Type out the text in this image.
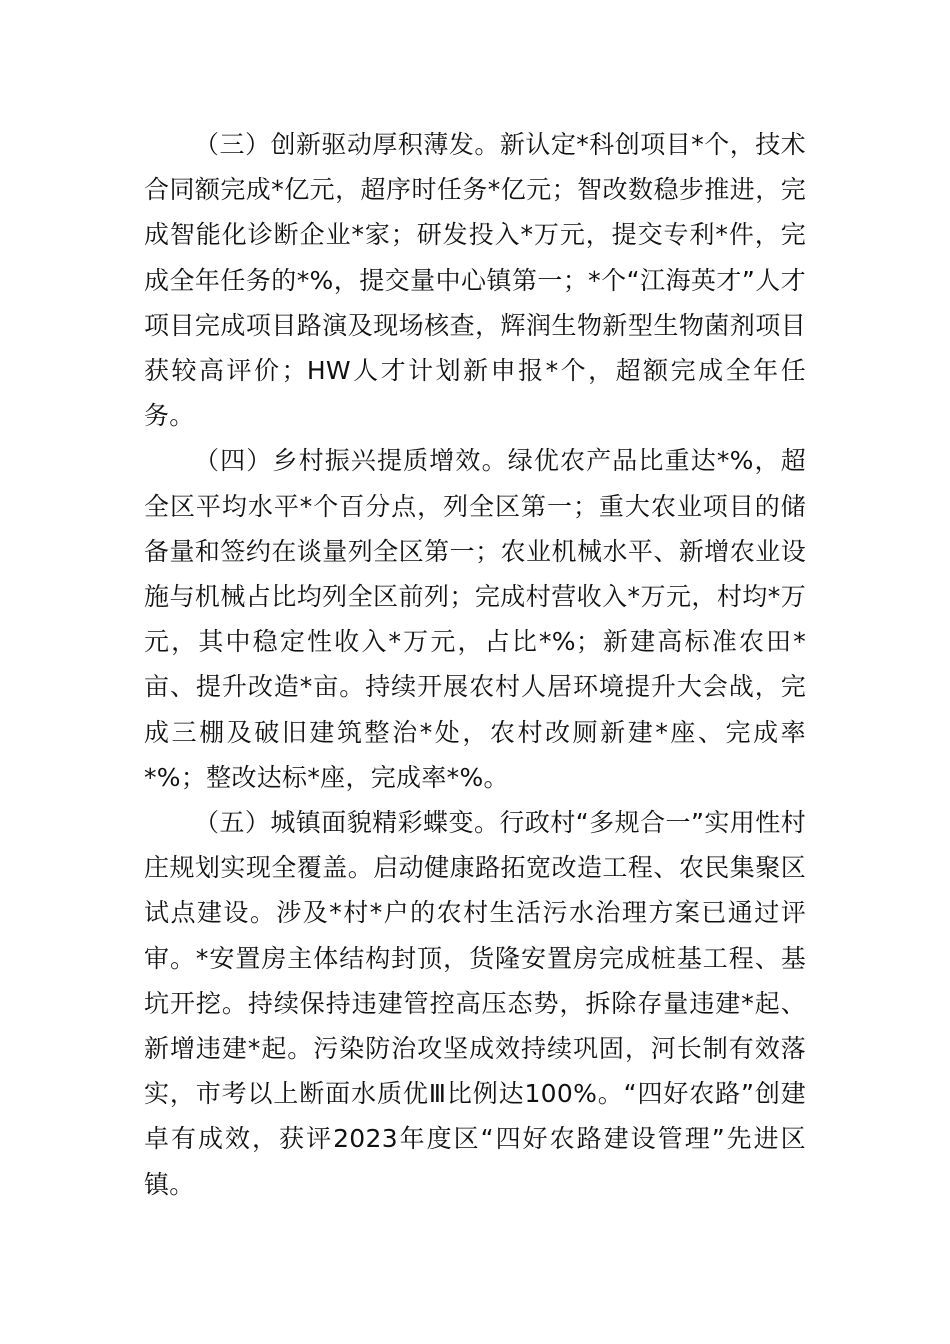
（三）创新驱动厚积薄发。新认定*科创项目*个，技术合同额完成*亿元，超序时任务*亿元；智改数稳步推进，完成智能化诊断企业*家；研发投入*万元，提交专利*件，完成全年任务的*%，提交量中心镇第一；*个“江海英才”人才项目完成项目路演及现场核查，辉润生物新型生物菌剂项目获较高评价；HW人才计划新申报*个，超额完成全年任务。

（四）乡村振兴提质增效。绿优农产品比重达*%，超全区平均水平*个百分点，列全区第一；重大农业项目的储备量和签约在谈量列全区第一；农业机械水平、新增农业设施与机械占比均列全区前列；完成村营收入*万元，村均*万元，其中稳定性收入*万元，占比*%；新建高标准农田*亩、提升改造*亩。持续开展农村人居环境提升大会战，完成三棚及破旧建筑整治*处，农村改厕新建*座、完成率*%；整改达标*座，完成率*%。

（五）城镇面貌精彩蝶变。行政村“多规合一”实用性村庄规划实现全覆盖。启动健康路拓宽改造工程、农民集聚区试点建设。涉及*村*户的农村生活污水治理方案已通过评审。*安置房主体结构封顶，货隆安置房完成桩基工程、基坑开挖。持续保持违建管控高压态势，拆除存量违建*起、新增违建*起。污染防治攻坚成效持续巩固，河长制有效落实，市考以上断面水质优Ⅲ比例达100%。“四好农路”创建卓有成效，获评2023年度区“四好农路建设管理”先进区镇。
